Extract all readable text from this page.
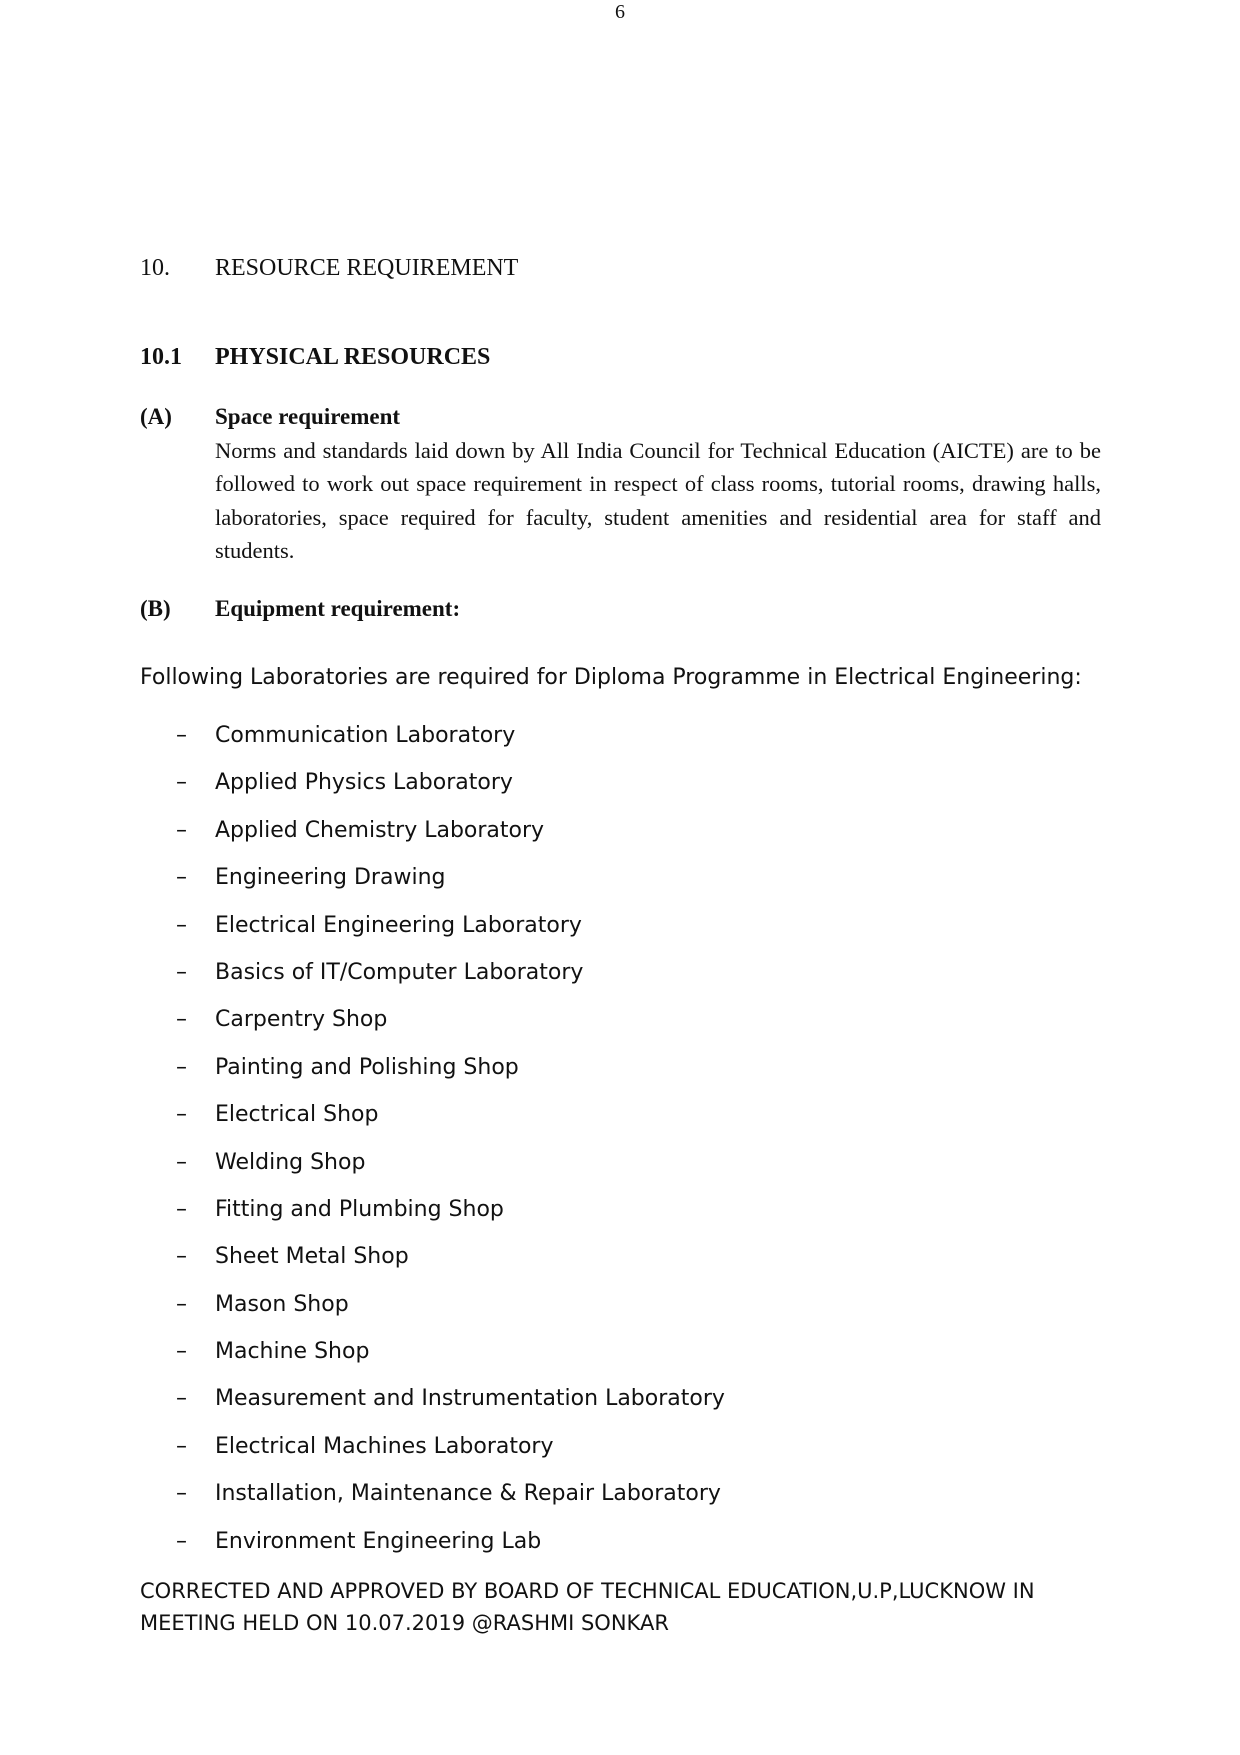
6
10. RESOURCE REQUIREMENT
10.1 PHYSICAL RESOURCES
(A) Space requirement
Norms and standards laid down by All India Council for Technical Education (AICTE) are to be followed to work out space requirement in respect of class rooms, tutorial rooms, drawing halls, laboratories, space required for faculty, student amenities and residential area for staff and students.
(B) Equipment requirement:
Following Laboratories are required for Diploma Programme in Electrical Engineering:
– Communication Laboratory
– Applied Physics Laboratory
– Applied Chemistry Laboratory
– Engineering Drawing
– Electrical Engineering Laboratory
– Basics of IT/Computer Laboratory
– Carpentry Shop
– Painting and Polishing Shop
– Electrical Shop
– Welding Shop
– Fitting and Plumbing Shop
– Sheet Metal Shop
– Mason Shop
– Machine Shop
– Measurement and Instrumentation Laboratory
– Electrical Machines Laboratory
– Installation, Maintenance & Repair Laboratory
– Environment Engineering Lab
CORRECTED AND APPROVED BY BOARD OF TECHNICAL EDUCATION,U.P,LUCKNOW IN
MEETING HELD ON 10.07.2019 @RASHMI SONKAR
